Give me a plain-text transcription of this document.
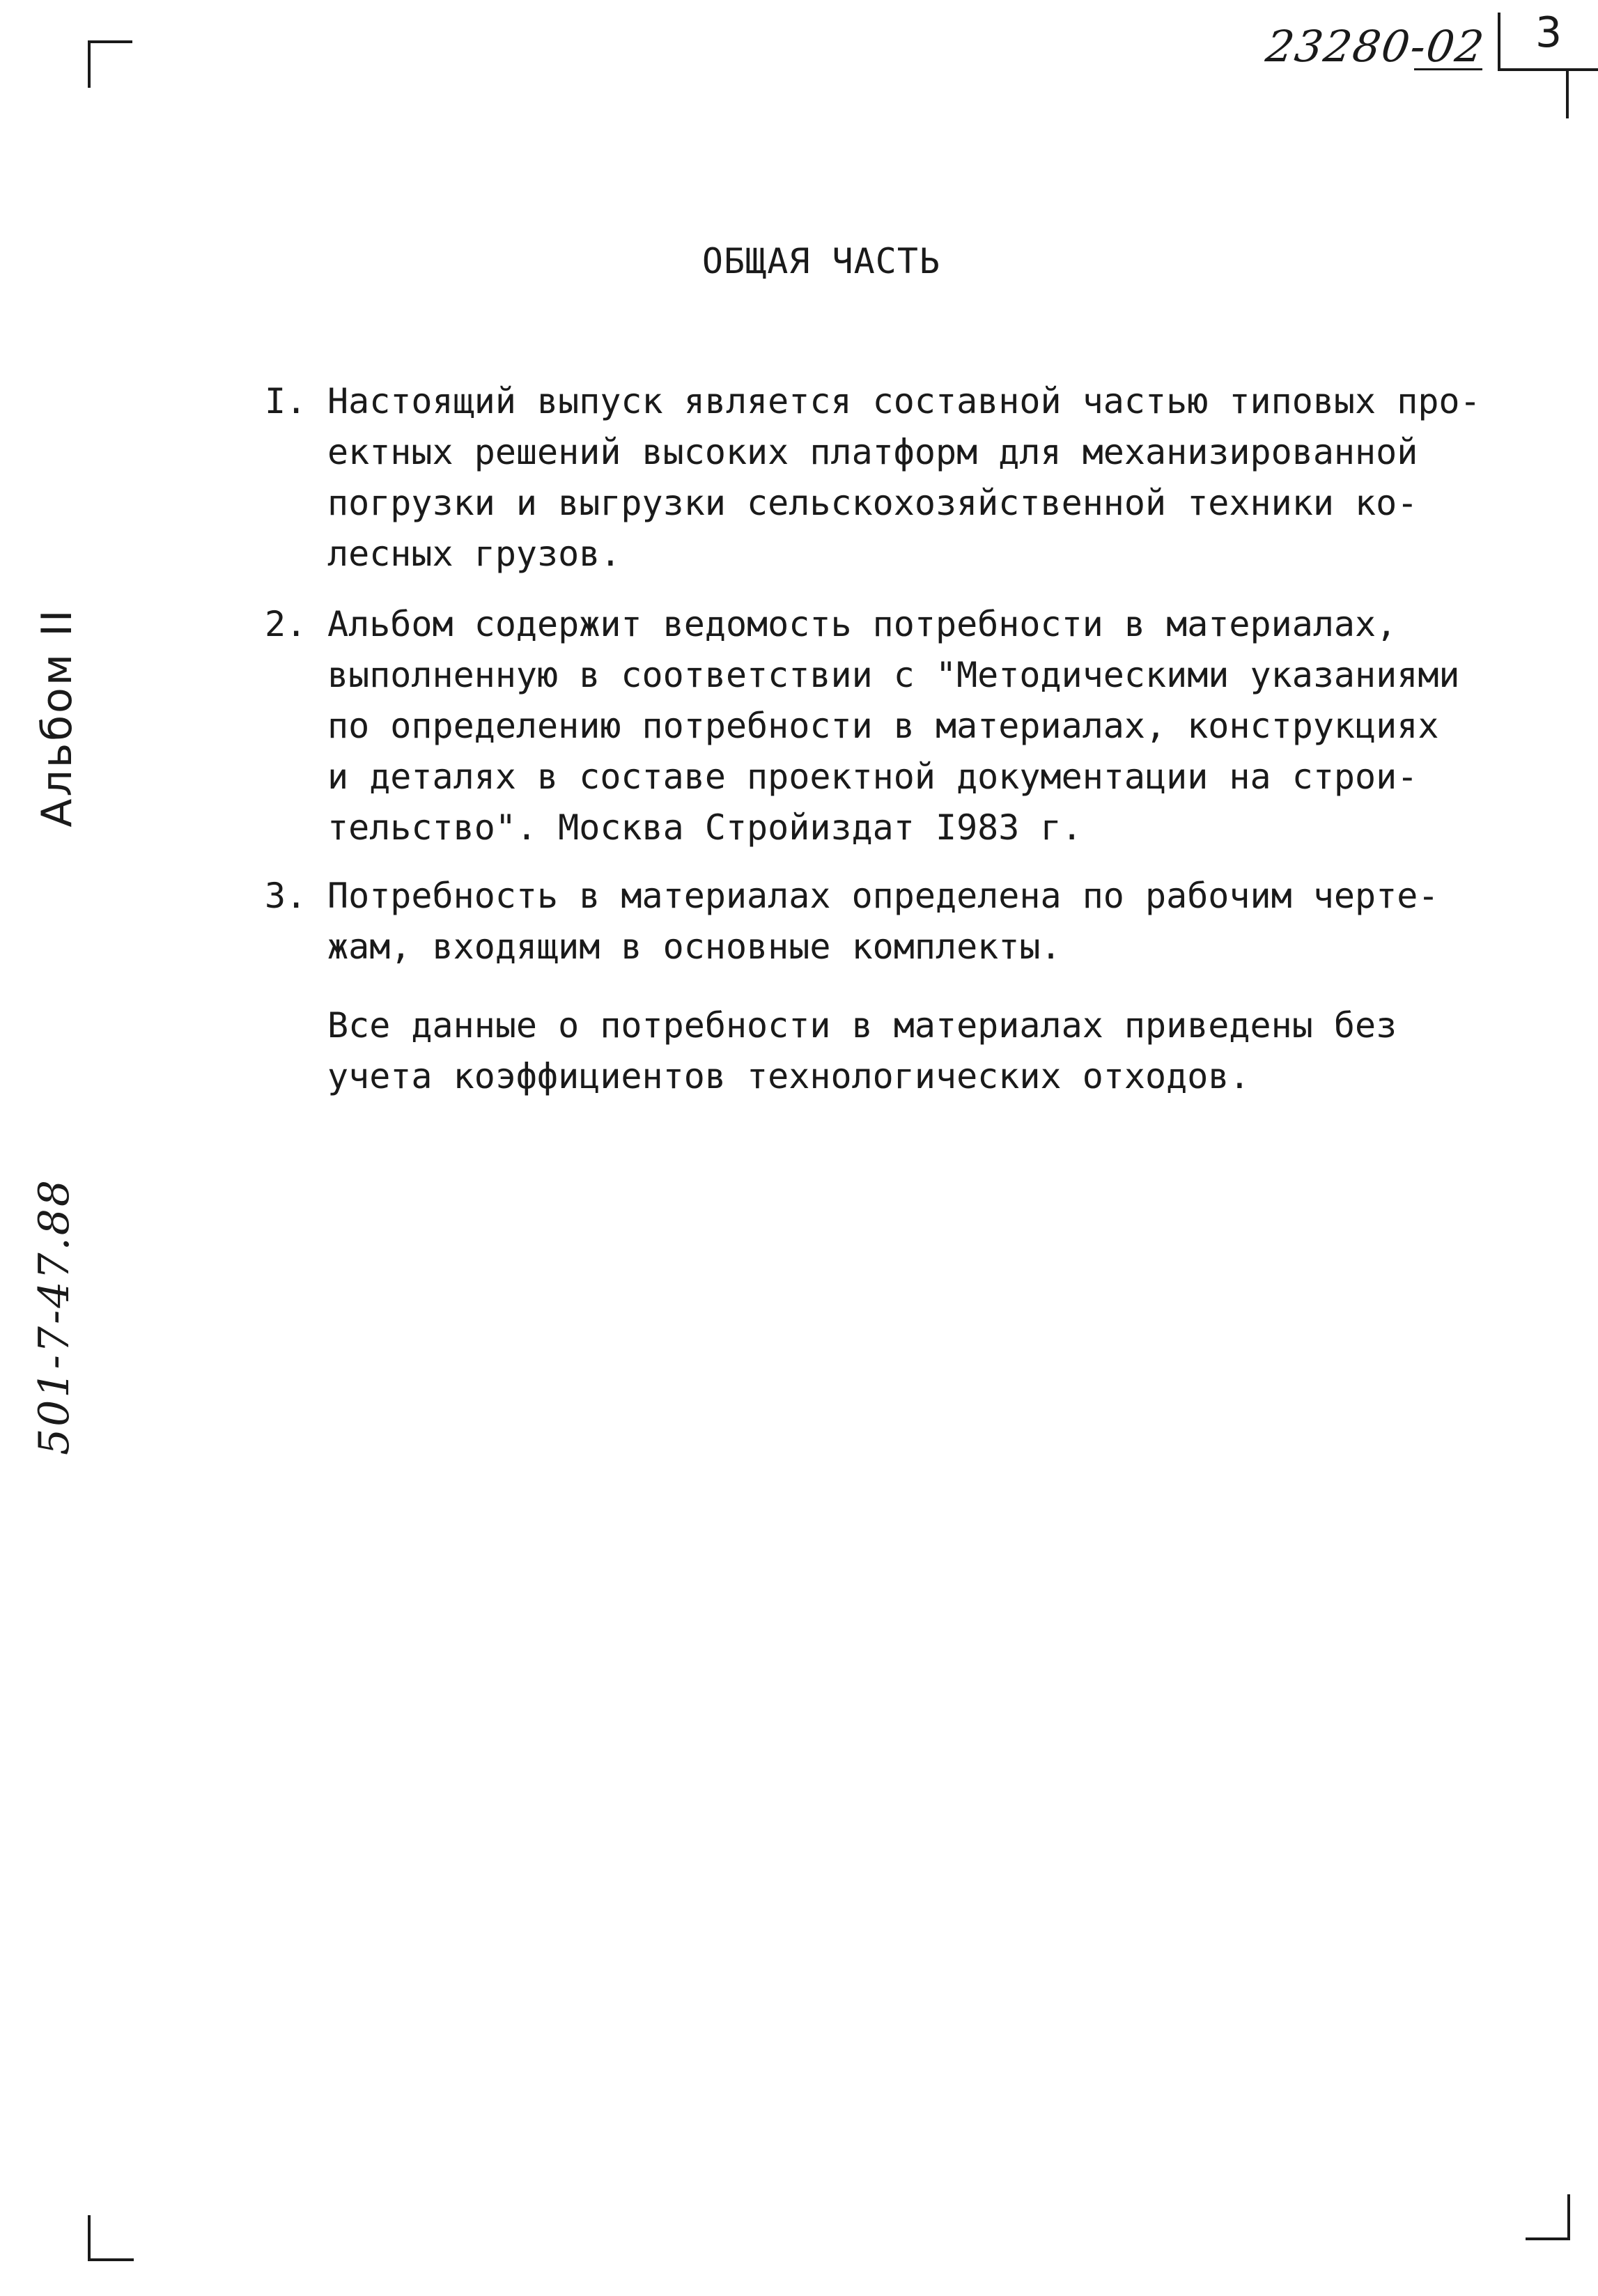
23280-02 3
Альбом II
501-7-47.88
ОБЩАЯ ЧАСТЬ
I. Настоящий выпуск является составной частью типовых про-
ектных решений высоких платформ для механизированной
погрузки и выгрузки сельскохозяйственной техники ко-
лесных грузов.
2. Альбом содержит ведомость потребности в материалах,
выполненную в соответствии с "Методическими указаниями
по определению потребности в материалах, конструкциях
и деталях в составе проектной документации на строи-
тельство". Москва Стройиздат I983 г.
3. Потребность в материалах определена по рабочим черте-
жам, входящим в основные комплекты.
Все данные о потребности в материалах приведены без
учета коэффициентов технологических отходов.
